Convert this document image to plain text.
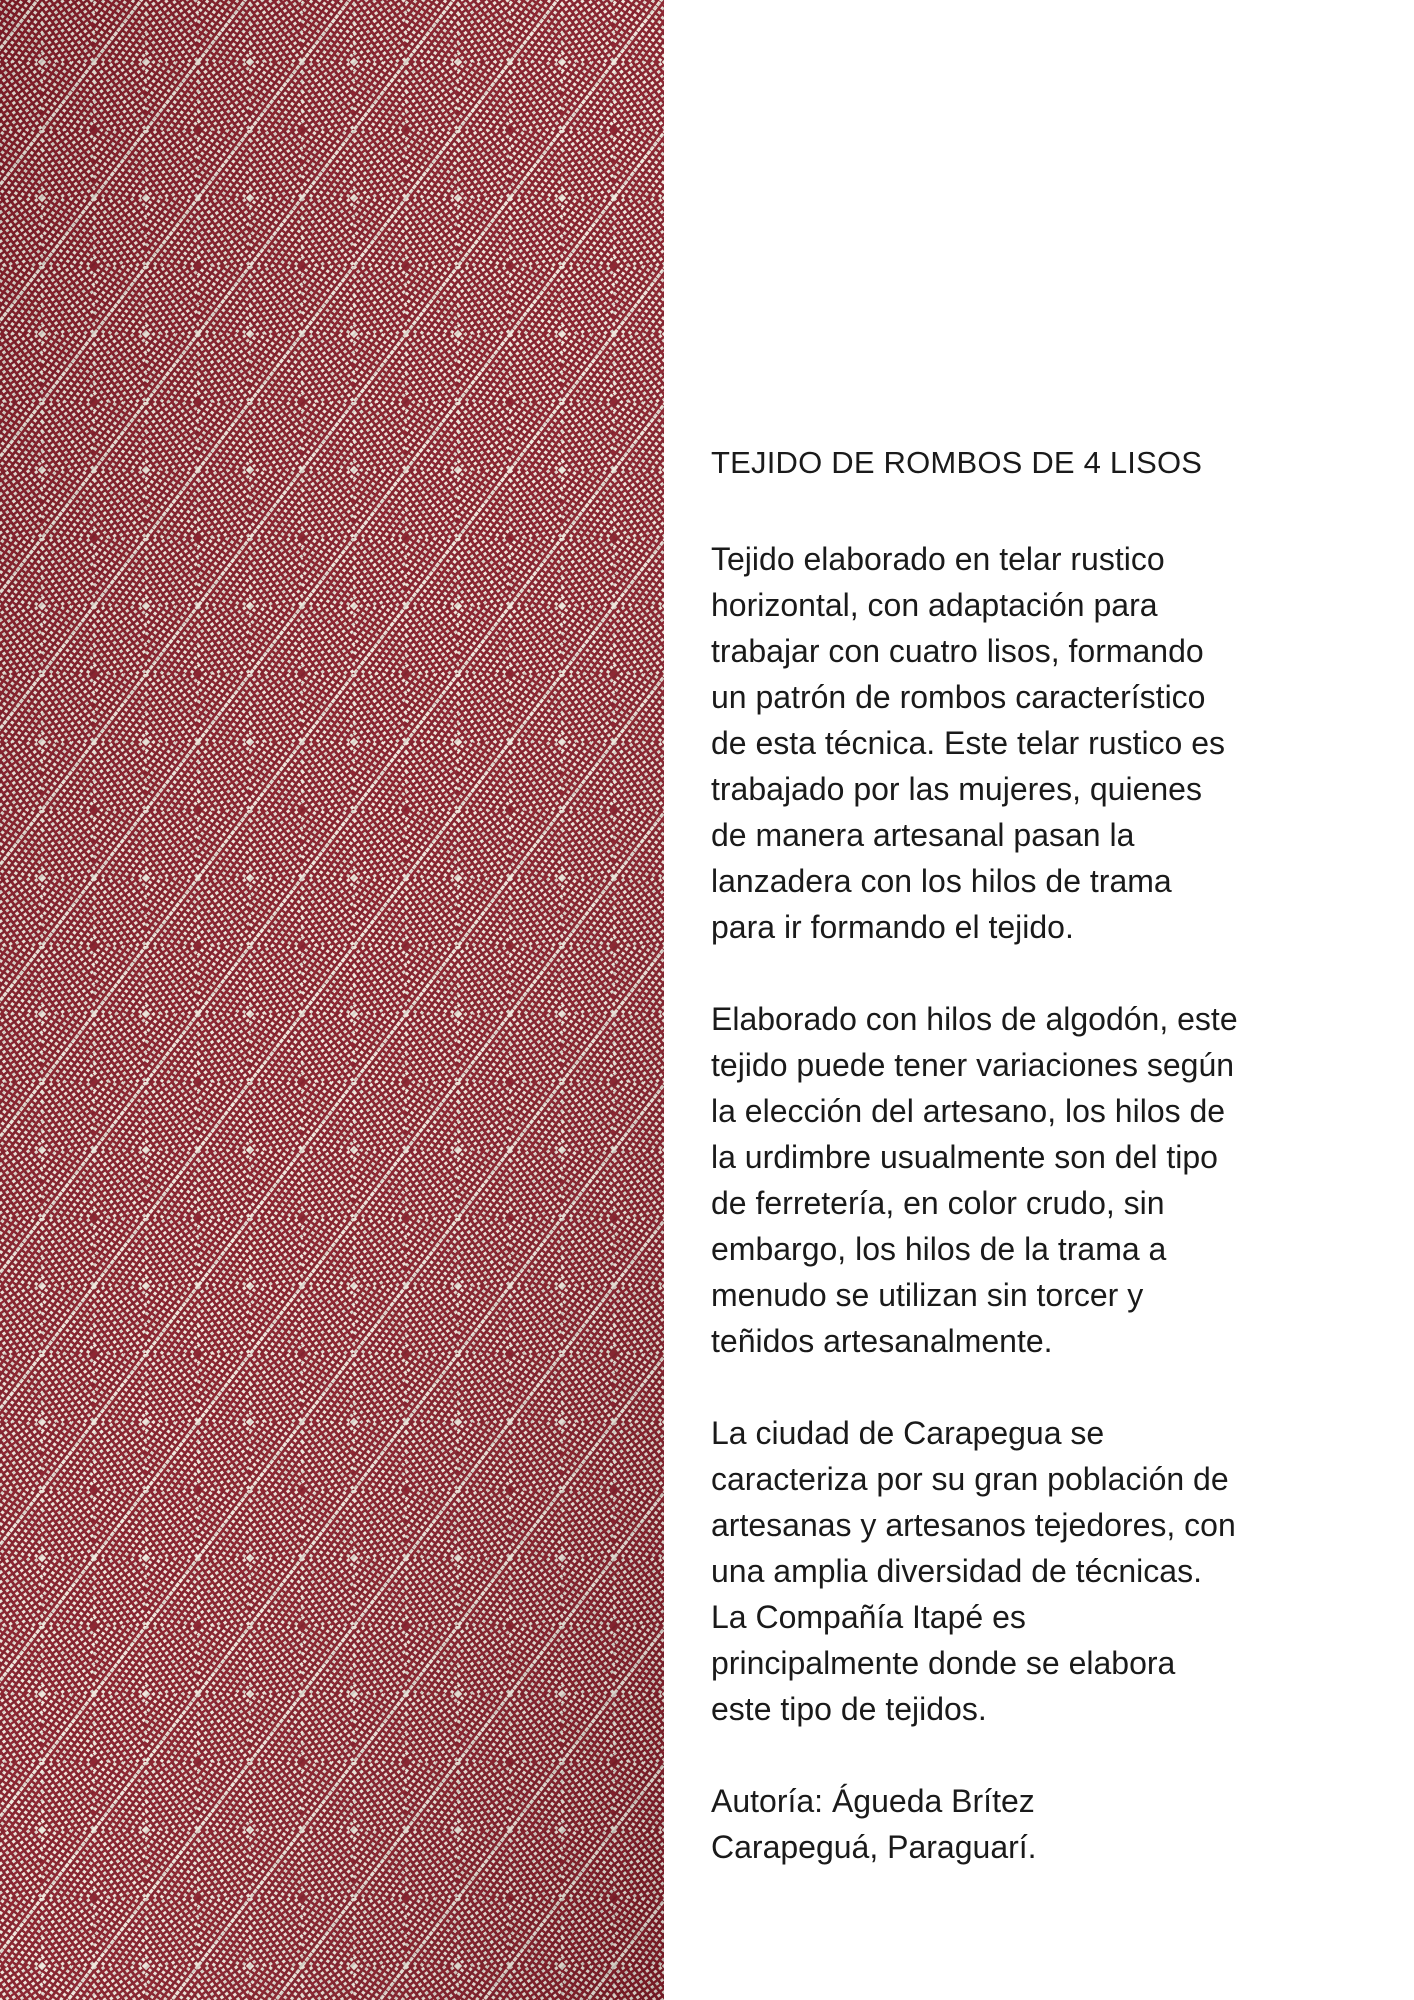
TEJIDO DE ROMBOS DE 4 LISOS

Tejido elaborado en telar rustico
horizontal, con adaptación para
trabajar con cuatro lisos, formando
un patrón de rombos característico
de esta técnica. Este telar rustico es
trabajado por las mujeres, quienes
de manera artesanal pasan la
lanzadera con los hilos de trama
para ir formando el tejido.

Elaborado con hilos de algodón, este
tejido puede tener variaciones según
la elección del artesano, los hilos de
la urdimbre usualmente son del tipo
de ferretería, en color crudo, sin
embargo, los hilos de la trama a
menudo se utilizan sin torcer y
teñidos artesanalmente.

La ciudad de Carapegua se
caracteriza por su gran población de
artesanas y artesanos tejedores, con
una amplia diversidad de técnicas.
La Compañía Itapé es
principalmente donde se elabora
este tipo de tejidos.

Autoría: Águeda Brítez
Carapeguá, Paraguarí.
